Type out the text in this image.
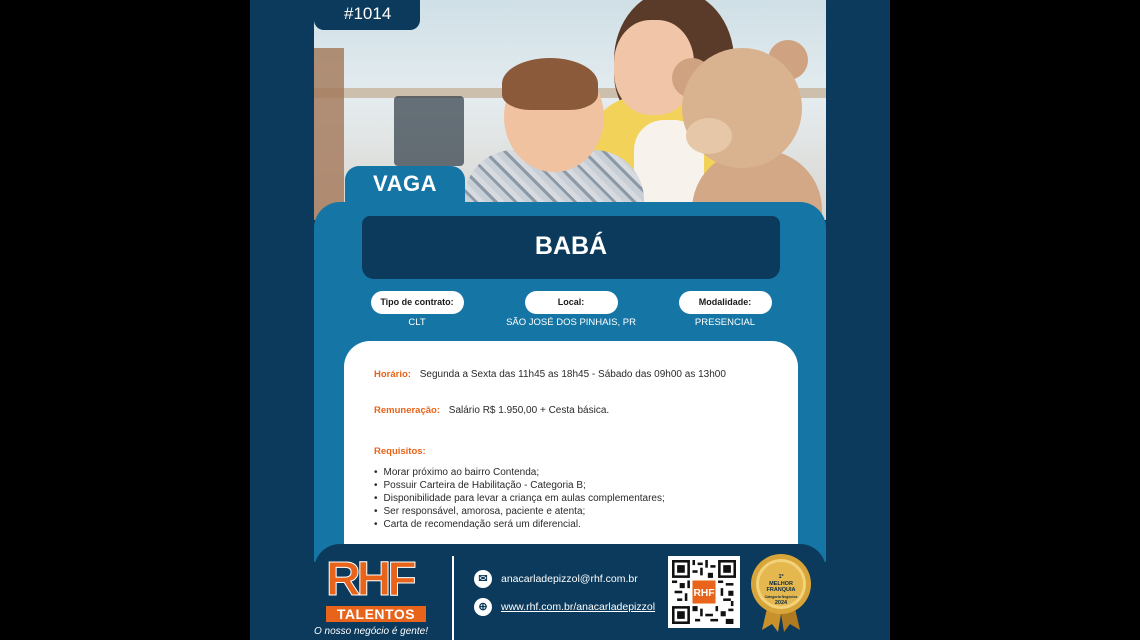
#1014
VAGA
BABÁ
Tipo de contrato:
CLT
Local:
SÃO JOSÉ DOS PINHAIS, PR
Modalidade:
PRESENCIAL
Horário: Segunda a Sexta das 11h45 as 18h45 - Sábado das 09h00 as 13h00
Remuneração: Salário R$ 1.950,00 + Cesta básica.
Requisitos:
• Morar próximo ao bairro Contenda;
• Possuir Carteira de Habilitação - Categoria B;
• Disponibilidade para levar a criança em aulas complementares;
• Ser responsável, amorosa, paciente e atenta;
• Carta de recomendação será um diferencial.
RHF
TALENTOS
O nosso negócio é gente!
✉	anacarladepizzol@rhf.com.br
⊕	www.rhf.com.br/anacarladepizzol
RHF
1º
MELHOR
FRANQUIA
Categoria Negócios
2024
